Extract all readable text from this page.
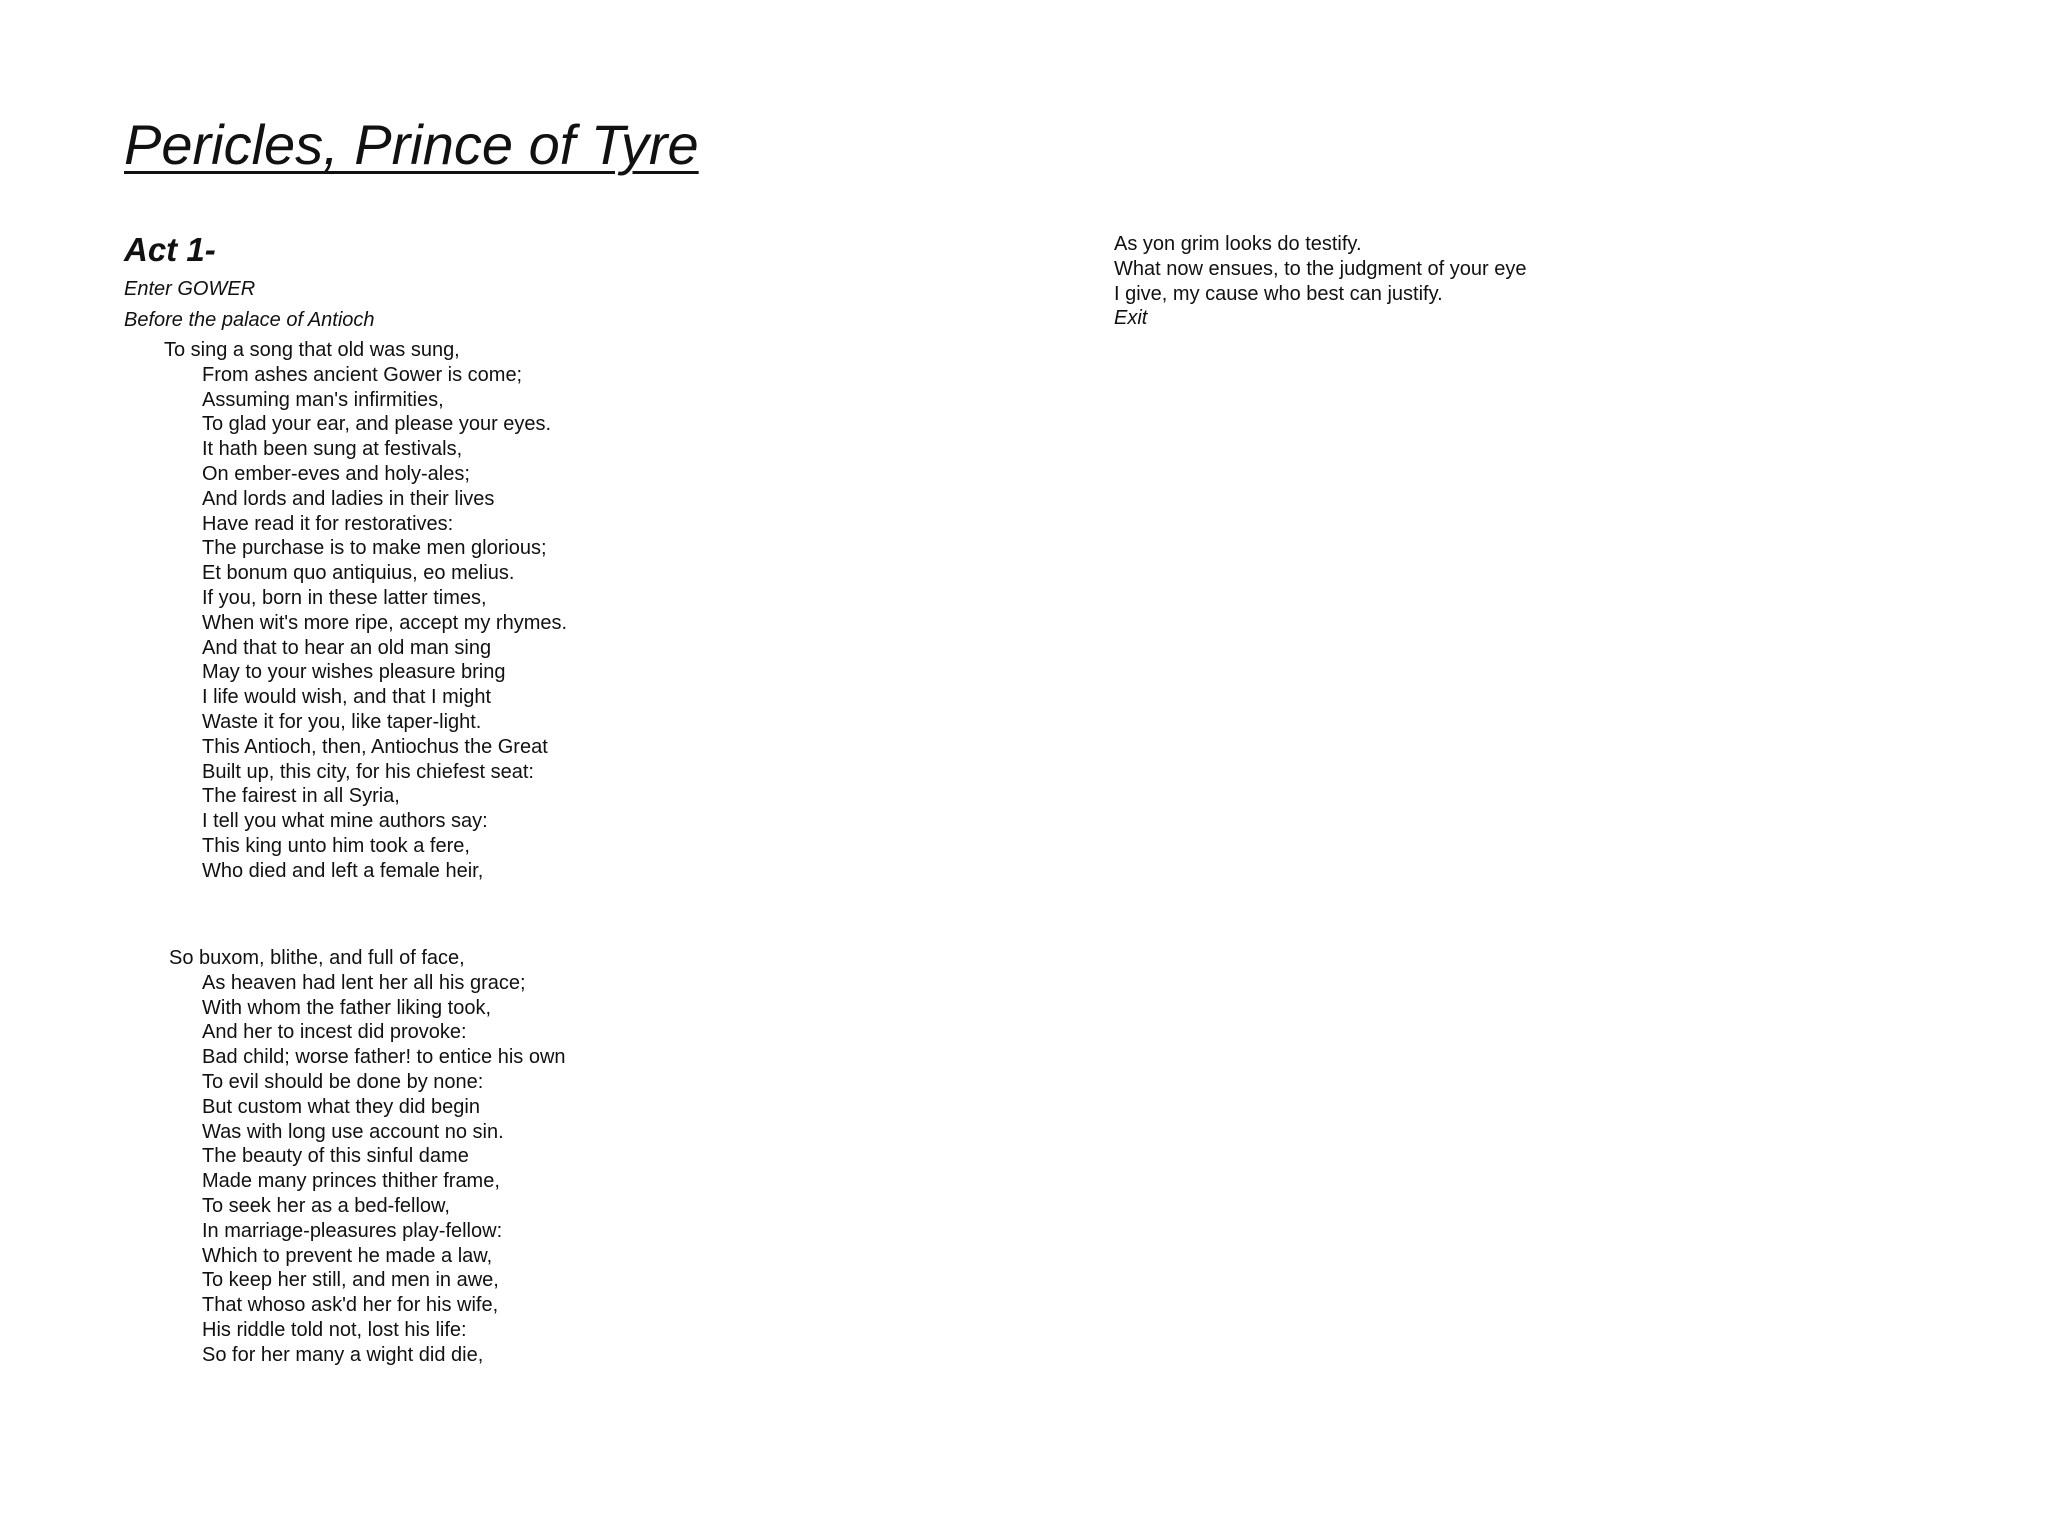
Pericles, Prince of Tyre
Act 1-

Enter GOWER

Before the palace of Antioch

To sing a song that old was sung,
From ashes ancient Gower is come;
Assuming man's infirmities,
To glad your ear, and please your eyes.
It hath been sung at festivals,
On ember-eves and holy-ales;
And lords and ladies in their lives
Have read it for restoratives:
The purchase is to make men glorious;
Et bonum quo antiquius, eo melius.
If you, born in these latter times,
When wit's more ripe, accept my rhymes.
And that to hear an old man sing
May to your wishes pleasure bring
I life would wish, and that I might
Waste it for you, like taper-light.
This Antioch, then, Antiochus the Great
Built up, this city, for his chiefest seat:
The fairest in all Syria,
I tell you what mine authors say:
This king unto him took a fere,
Who died and left a female heir,
So buxom, blithe, and full of face,
As heaven had lent her all his grace;
With whom the father liking took,
And her to incest did provoke:
Bad child; worse father! to entice his own
To evil should be done by none:
But custom what they did begin
Was with long use account no sin.
The beauty of this sinful dame
Made many princes thither frame,
To seek her as a bed-fellow,
In marriage-pleasures play-fellow:
Which to prevent he made a law,
To keep her still, and men in awe,
That whoso ask'd her for his wife,
His riddle told not, lost his life:
So for her many a wight did die,
As yon grim looks do testify.
What now ensues, to the judgment of your eye
I give, my cause who best can justify.
Exit
